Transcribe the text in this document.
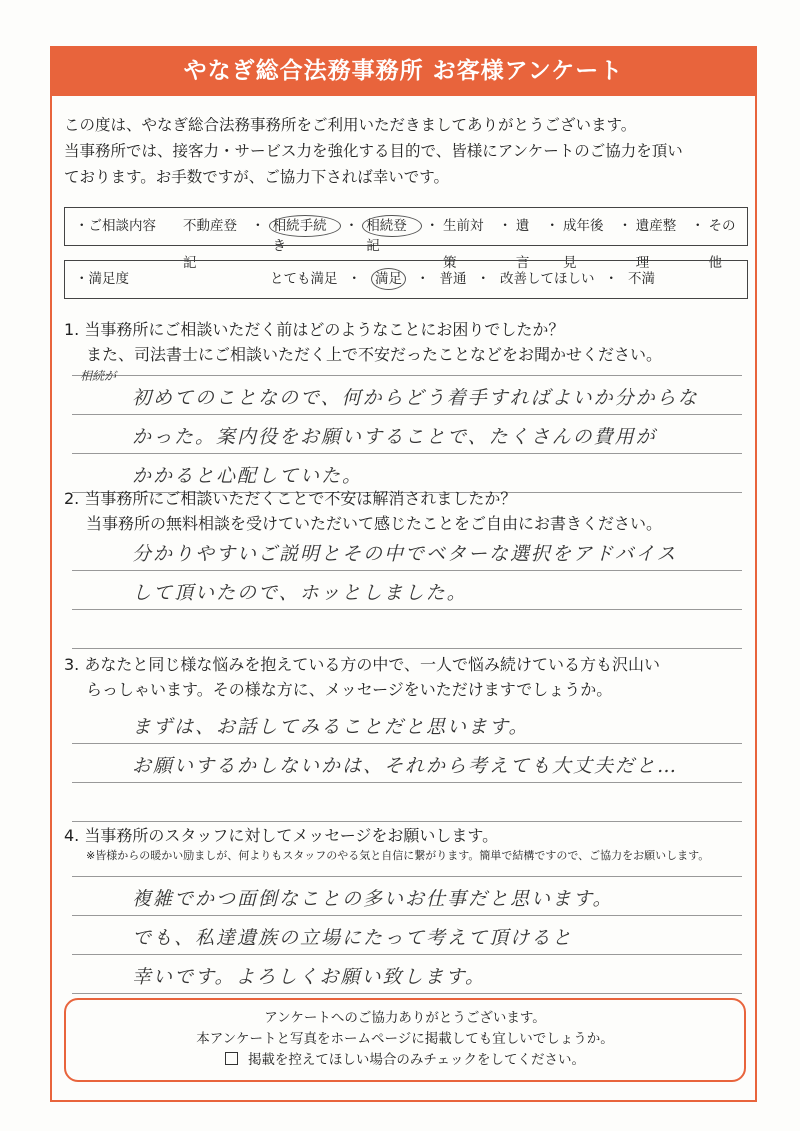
やなぎ総合法務事務所 お客様アンケート
この度は、やなぎ総合法務事務所をご利用いただきましてありがとうございます。
当事務所では、接客力・サービス力を強化する目的で、皆様にアンケートのご協力を頂い
ております。お手数ですが、ご協力下されば幸いです。
・ご相談内容 不動産登記
・ 相続手続き
・ 相続登記
・ 生前対策
・ 遺言
・ 成年後見
・ 遺産整理
・ その他
・満足度	とても満足 ・ 満足 ・ 普通 ・ 改善してほしい ・ 不満
1. 当事務所にご相談いただく前はどのようなことにお困りでしたか？
また、司法書士にご相談いただく上で不安だったことなどをお聞かせください。
相続が
初めてのことなので、何からどう着手すればよいか分からな
かった。案内役をお願いすることで、たくさんの費用が
かかると心配していた。
2. 当事務所にご相談いただくことで不安は解消されましたか？
当事務所の無料相談を受けていただいて感じたことをご自由にお書きください。
分かりやすいご説明とその中でベターな選択をアドバイス
して頂いたので、ホッとしました。
3. あなたと同じ様な悩みを抱えている方の中で、一人で悩み続けている方も沢山い
らっしゃいます。その様な方に、メッセージをいただけますでしょうか。
まずは、お話してみることだと思います。
お願いするかしないかは、それから考えても大丈夫だと…
4. 当事務所のスタッフに対してメッセージをお願いします。
※皆様からの暖かい励ましが、何よりもスタッフのやる気と自信に繋がります。簡単で結構ですので、ご協力をお願いします。
複雑でかつ面倒なことの多いお仕事だと思います。
でも、私達遺族の立場にたって考えて頂けると
幸いです。よろしくお願い致します。
アンケートへのご協力ありがとうございます。
本アンケートと写真をホームページに掲載しても宜しいでしょうか。
掲載を控えてほしい場合のみチェックをしてください。
